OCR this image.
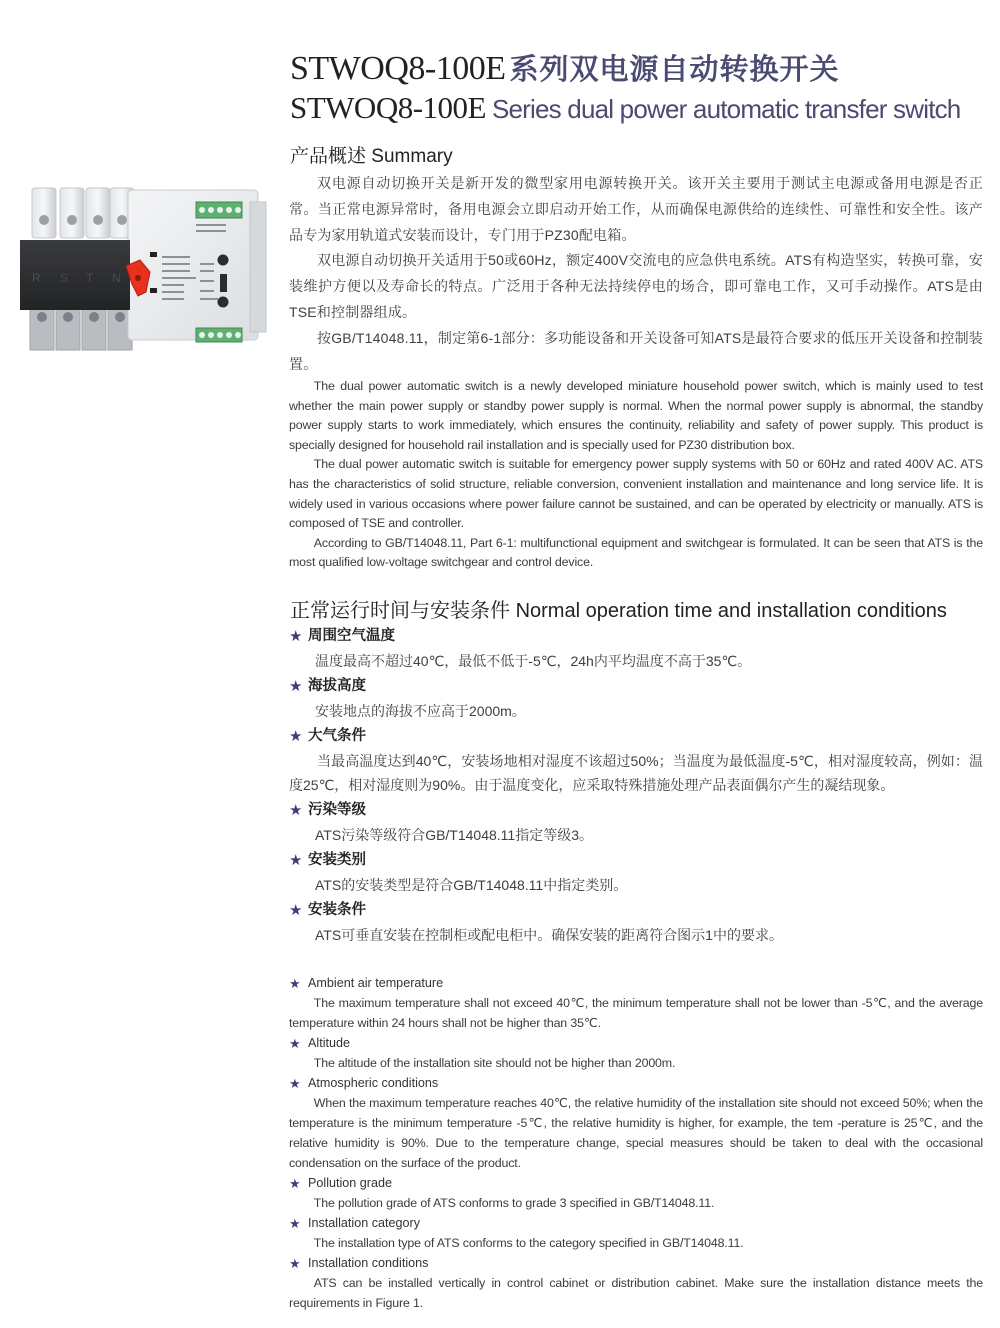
STWOQ8-100E 系列双电源自动转换开关
STWOQ8-100E Series dual power automatic transfer switch
R S T N
产品概述 Summary

双电源自动切换开关是新开发的微型家用电源转换开关。该开关主要用于测试主电源或备用电源是否正常。当正常电源异常时，备用电源会立即启动开始工作，从而确保电源供给的连续性、可靠性和安全性。该产品专为家用轨道式安装而设计，专门用于PZ30配电箱。

双电源自动切换开关适用于50或60Hz，额定400V交流电的应急供电系统。ATS有构造坚实，转换可靠，安装维护方便以及寿命长的特点。广泛用于各种无法持续停电的场合，即可靠电工作，又可手动操作。ATS是由TSE和控制器组成。

按GB/T14048.11，制定第6-1部分：多功能设备和开关设备可知ATS是最符合要求的低压开关设备和控制装置。

The dual power automatic switch is a newly developed miniature household power switch, which is mainly used to test whether the main power supply or standby power supply is normal. When the normal power supply is abnormal, the standby power supply starts to work immediately, which ensures the continuity, reliability and safety of power supply. This product is specially designed for household rail installation and is specially used for PZ30 distribution box.

The dual power automatic switch is suitable for emergency power supply systems with 50 or 60Hz and rated 400V AC. ATS has the characteristics of solid structure, reliable conversion, convenient installation and maintenance and long service life. It is widely used in various occasions where power failure cannot be sustained, and can be operated by electricity or manually. ATS is composed of TSE and controller.

According to GB/T14048.11, Part 6-1: multifunctional equipment and switchgear is formulated. It can be seen that ATS is the most qualified low-voltage switchgear and control device.

正常运行时间与安装条件 Normal operation time and installation conditions
★ 周围空气温度
温度最高不超过40℃，最低不低于-5℃，24h内平均温度不高于35℃。
★ 海拔高度
安装地点的海拔不应高于2000m。
★ 大气条件
当最高温度达到40℃，安装场地相对湿度不该超过50%；当温度为最低温度-5℃，相对湿度较高，例如：温度25℃，相对湿度则为90%。由于温度变化，应采取特殊措施处理产品表面偶尔产生的凝结现象。
★ 污染等级
ATS污染等级符合GB/T14048.11指定等级3。
★ 安装类别
ATS的安装类型是符合GB/T14048.11中指定类别。
★ 安装条件
ATS可垂直安装在控制柜或配电柜中。确保安装的距离符合图示1中的要求。
★ Ambient air temperature
The maximum temperature shall not exceed 40℃, the minimum temperature shall not be lower than -5℃, and the average temperature within 24 hours shall not be higher than 35℃.
★ Altitude
The altitude of the installation site should not be higher than 2000m.
★ Atmospheric conditions
When the maximum temperature reaches 40℃, the relative humidity of the installation site should not exceed 50%; when the temperature is the minimum temperature -5℃, the relative humidity is higher, for example, the tem -perature is 25℃, and the relative humidity is 90%. Due to the temperature change, special measures should be taken to deal with the occasional condensation on the surface of the product.
★ Pollution grade
The pollution grade of ATS conforms to grade 3 specified in GB/T14048.11.
★ Installation category
The installation type of ATS conforms to the category specified in GB/T14048.11.
★ Installation conditions
ATS can be installed vertically in control cabinet or distribution cabinet. Make sure the installation distance meets the requirements in Figure 1.
